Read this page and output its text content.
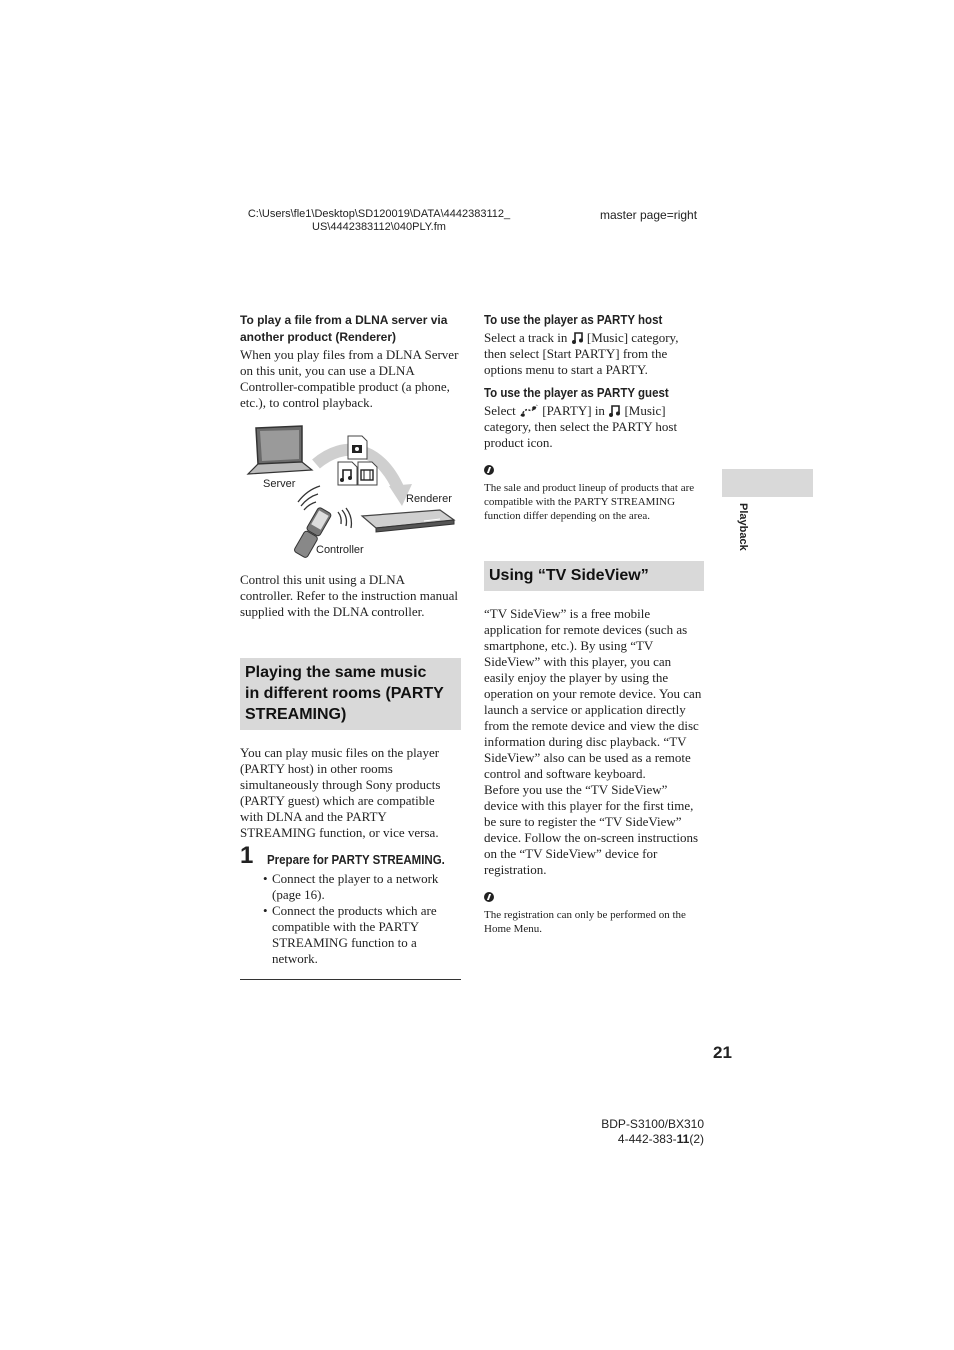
C:\Users\fle1\Desktop\SD120019\DATA\4442383112_
US\4442383112\040PLY.fm
master page=right
To play a file from a DLNA server via another product (Renderer)

When you play files from a DLNA Server on this unit, you can use a DLNA Controller-compatible product (a phone, etc.), to control playback.

Server
Renderer
Controller

Control this unit using a DLNA controller. Refer to the instruction manual supplied with the DLNA controller.

Playing the same music in different rooms (PARTY STREAMING)

You can play music files on the player (PARTY host) in other rooms simultaneously through Sony products (PARTY guest) which are compatible with DLNA and the PARTY STREAMING function, or vice versa.

1 Prepare for PARTY STREAMING.
• Connect the player to a network (page 16).
• Connect the products which are compatible with the PARTY STREAMING function to a network.
To use the player as PARTY host

Select a track in [Music] category, then select [Start PARTY] from the options menu to start a PARTY.

To use the player as PARTY guest

Select [PARTY] in [Music] category, then select the PARTY host product icon.

The sale and product lineup of products that are compatible with the PARTY STREAMING function differ depending on the area.

Using “TV SideView”

“TV SideView” is a free mobile application for remote devices (such as smartphone, etc.). By using “TV SideView” with this player, you can easily enjoy the player by using the operation on your remote device. You can launch a service or application directly from the remote device and view the disc information during disc playback. “TV SideView” also can be used as a remote control and software keyboard.

Before you use the “TV SideView” device with this player for the first time, be sure to register the “TV SideView” device. Follow the on-screen instructions on the “TV SideView” device for registration.

The registration can only be performed on the Home Menu.

Playback
21
BDP-S3100/BX310
4-442-383-11(2)
